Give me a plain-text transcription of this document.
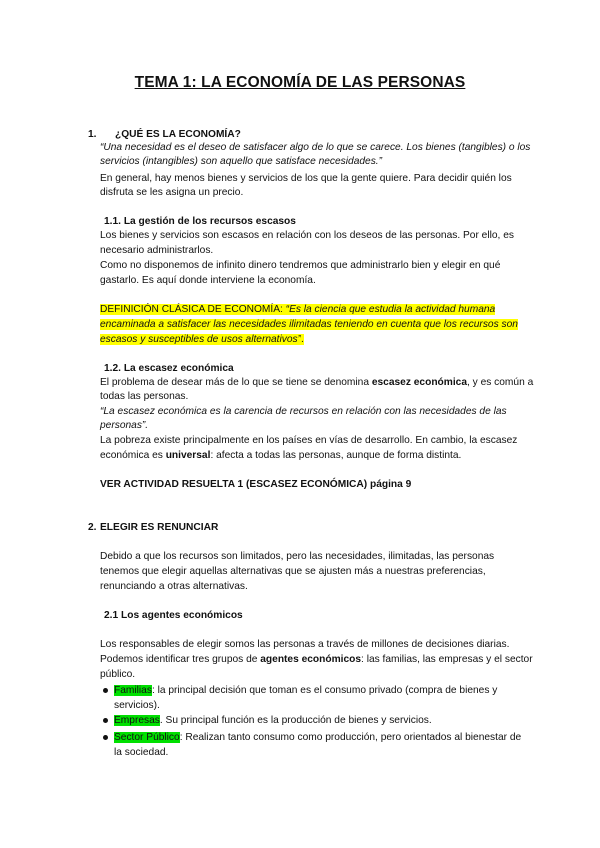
TEMA 1: LA ECONOMÍA DE LAS PERSONAS
1. ¿QUÉ ES LA ECONOMÍA?
“Una necesidad es el deseo de satisfacer algo de lo que se carece. Los bienes (tangibles) o los
servicios (intangibles) son aquello que satisface necesidades.”
En general, hay menos bienes y servicios de los que la gente quiere. Para decidir quién los
disfruta se les asigna un precio.
1.1. La gestión de los recursos escasos
Los bienes y servicios son escasos en relación con los deseos de las personas. Por ello, es
necesario administrarlos.
Como no disponemos de infinito dinero tendremos que administrarlo bien y elegir en qué
gastarlo. Es aquí donde interviene la economía.
DEFINICIÓN CLÁSICA DE ECONOMÍA: “Es la ciencia que estudia la actividad humana
encaminada a satisfacer las necesidades ilimitadas teniendo en cuenta que los recursos son
escasos y susceptibles de usos alternativos”.
1.2. La escasez económica
El problema de desear más de lo que se tiene se denomina escasez económica, y es común a
todas las personas.
“La escasez económica es la carencia de recursos en relación con las necesidades de las
personas”.
La pobreza existe principalmente en los países en vías de desarrollo. En cambio, la escasez
económica es universal: afecta a todas las personas, aunque de forma distinta.
VER ACTIVIDAD RESUELTA 1 (ESCASEZ ECONÓMICA) página 9
2. ELEGIR ES RENUNCIAR
Debido a que los recursos son limitados, pero las necesidades, ilimitadas, las personas
tenemos que elegir aquellas alternativas que se ajusten más a nuestras preferencias,
renunciando a otras alternativas.
2.1 Los agentes económicos
Los responsables de elegir somos las personas a través de millones de decisiones diarias.
Podemos identificar tres grupos de agentes económicos: las familias, las empresas y el sector
público.
Familias: la principal decisión que toman es el consumo privado (compra de bienes y
servicios).
Empresas. Su principal función es la producción de bienes y servicios.
Sector Público: Realizan tanto consumo como producción, pero orientados al bienestar de
la sociedad.
